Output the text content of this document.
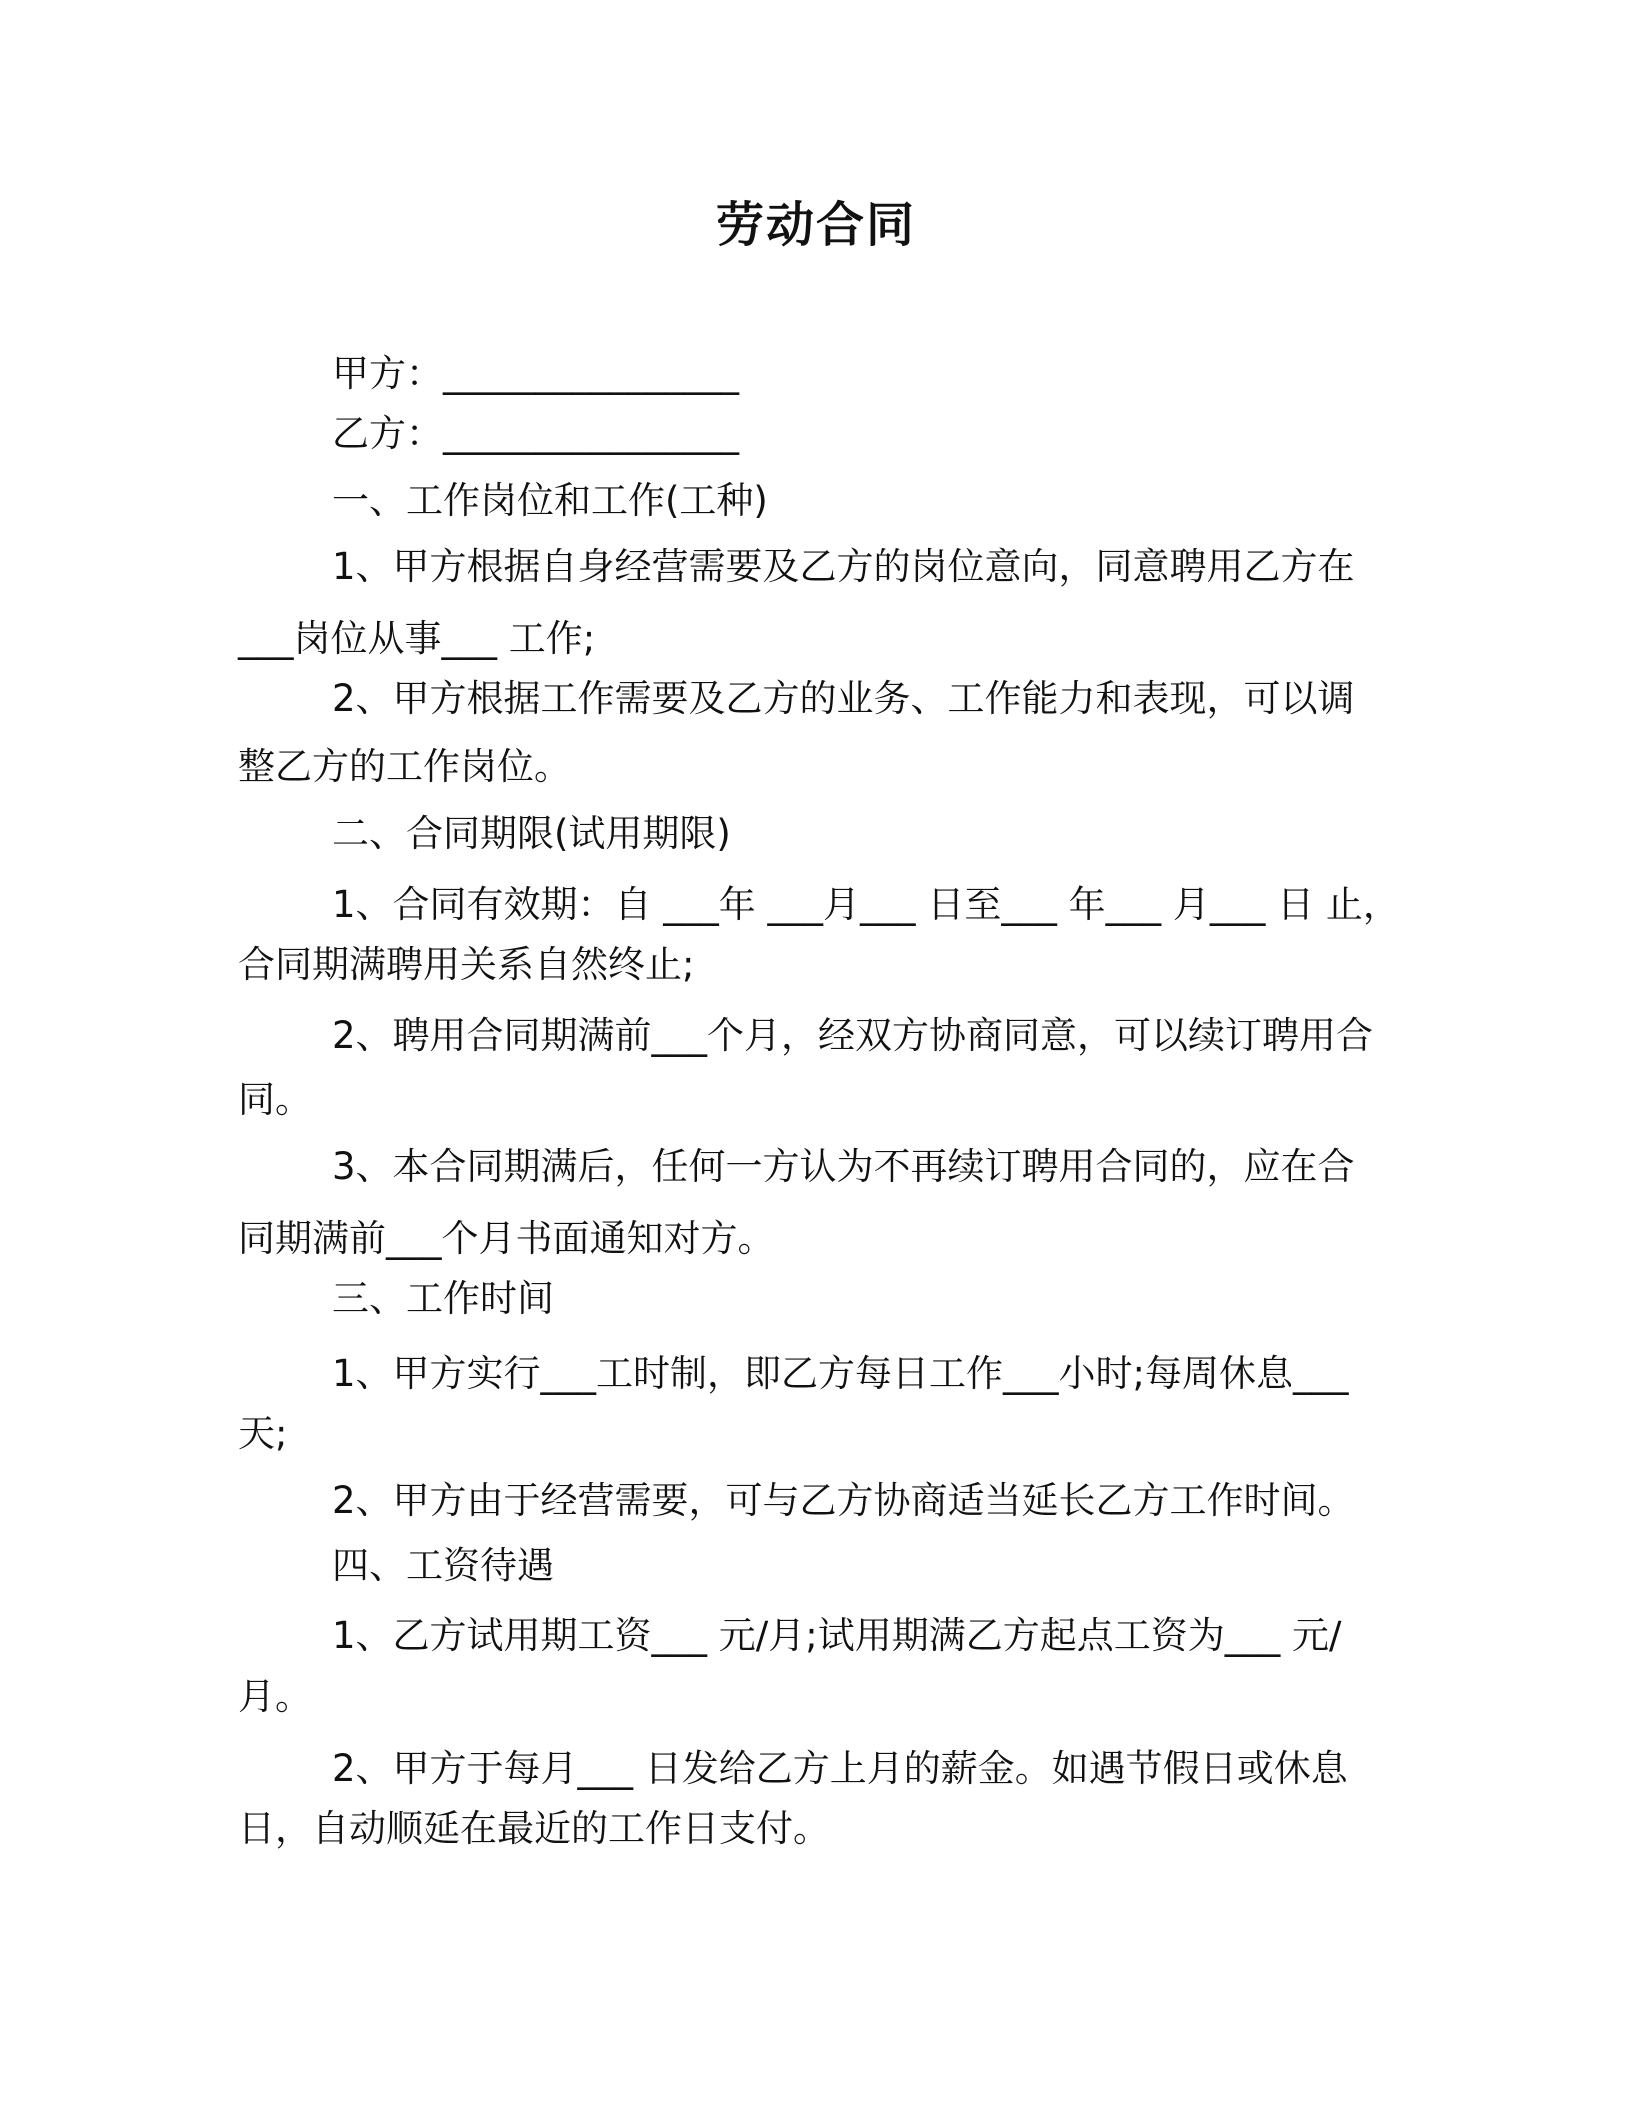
劳动合同

甲方：________________

乙方：________________

一、工作岗位和工作(工种)

1、甲方根据自身经营需要及乙方的岗位意向，同意聘用乙方在

___岗位从事___ 工作;

2、甲方根据工作需要及乙方的业务、工作能力和表现，可以调

整乙方的工作岗位。

二、合同期限(试用期限)

1、合同有效期：自 ___年 ___月___ 日至___ 年___ 月___ 日 止，

合同期满聘用关系自然终止;

2、聘用合同期满前___个月，经双方协商同意，可以续订聘用合

同。

3、本合同期满后，任何一方认为不再续订聘用合同的，应在合

同期满前___个月书面通知对方。

三、工作时间

1、甲方实行___工时制，即乙方每日工作___小时;每周休息___

天;

2、甲方由于经营需要，可与乙方协商适当延长乙方工作时间。

四、工资待遇

1、乙方试用期工资___ 元/月;试用期满乙方起点工资为___ 元/

月。

2、甲方于每月___ 日发给乙方上月的薪金。如遇节假日或休息

日，自动顺延在最近的工作日支付。
